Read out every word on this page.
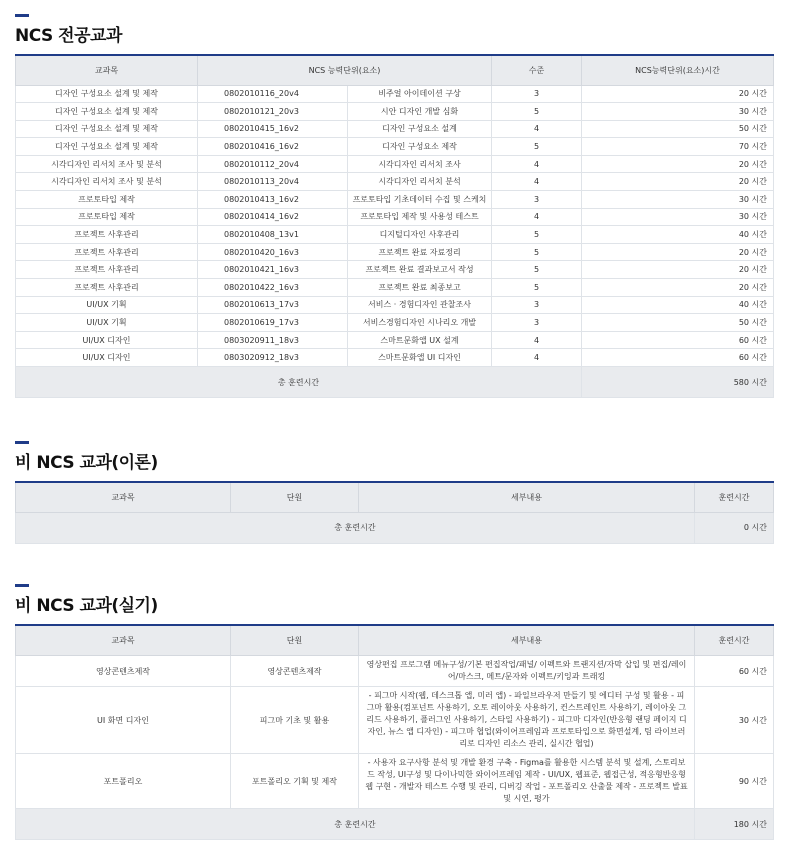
NCS 전공교과
교과목	NCS 능력단위(요소)		수준	NCS능력단위(요소)시간
디자인 구성요소 설계 및 제작	0802010116_20v4	비주얼 아이데이션 구상	3	20 시간
디자인 구성요소 설계 및 제작	0802010121_20v3	시안 디자인 개발 심화	5	30 시간
디자인 구성요소 설계 및 제작	0802010415_16v2	디자인 구성요소 설계	4	50 시간
디자인 구성요소 설계 및 제작	0802010416_16v2	디자인 구성요소 제작	5	70 시간
시각디자인 리서치 조사 및 분석	0802010112_20v4	시각디자인 리서치 조사	4	20 시간
시각디자인 리서치 조사 및 분석	0802010113_20v4	시각디자인 리서치 분석	4	20 시간
프로토타입 제작	0802010413_16v2	프로토타입 기초데이터 수집 및 스케치	3	30 시간
프로토타입 제작	0802010414_16v2	프로토타입 제작 및 사용성 테스트	4	30 시간
프로젝트 사후관리	0802010408_13v1	디지털디자인 사후관리	5	40 시간
프로젝트 사후관리	0802010420_16v3	프로젝트 완료 자료정리	5	20 시간
프로젝트 사후관리	0802010421_16v3	프로젝트 완료 결과보고서 작성	5	20 시간
프로젝트 사후관리	0802010422_16v3	프로젝트 완료 최종보고	5	20 시간
UI/UX 기획	0802010613_17v3	서비스 · 경험디자인 관찰조사	3	40 시간
UI/UX 기획	0802010619_17v3	서비스경험디자인 시나리오 개발	3	50 시간
UI/UX 디자인	0803020911_18v3	스마트문화앱 UX 설계	4	60 시간
UI/UX 디자인	0803020912_18v3	스마트문화앱 UI 디자인	4	60 시간
총 훈련시간				580 시간
비 NCS 교과(이론)
교과목	단원	세부내용	훈련시간
총 훈련시간			0 시간
비 NCS 교과(실기)
교과목	단원	세부내용	훈련시간
영상콘텐츠제작	영상콘텐츠제작	영상편집 프로그램 메뉴구성/기본 편집작업/패널/ 이펙트와 트랜지션/자막 삽입 및 편집/레이어/마스크, 메트/문자와 이펙트/키잉과 트래킹	60 시간
UI 화면 디자인	피그마 기초 및 활용	- 피그마 시작(웹, 데스크톱 앱, 미러 앱) - 파일브라우저 만들기 및 에디터 구성 및 활용 - 피그마 활용(컴포넌트 사용하기, 오토 레이아웃 사용하기, 컨스트레인트 사용하기, 레이아웃 그리드 사용하기, 플러그인 사용하기, 스타일 사용하기) - 피그마 디자인(반응형 랜딩 페이지 디자인, 뉴스 앱 디자인) - 피그마 협업(와이어프레임과 프로토타입으로 화면설계, 팀 라이브러리로 디자인 리소스 관리, 실시간 협업)	30 시간
포트폴리오	포트폴리오 기획 및 제작	- 사용자 요구사항 분석 및 개발 환경 구축 - Figma를 활용한 시스템 분석 및 설계, 스토리보드 작성, UI구성 및 다이나믹한 와이어프레임 제작 - UI/UX, 웹표준, 웹접근성, 적응형반응형웹 구현 - 개발자 테스트 수행 및 관리, 디버깅 작업 - 포트폴리오 산출물 제작 - 프로젝트 발표 및 시연, 평가	90 시간
총 훈련시간			180 시간
